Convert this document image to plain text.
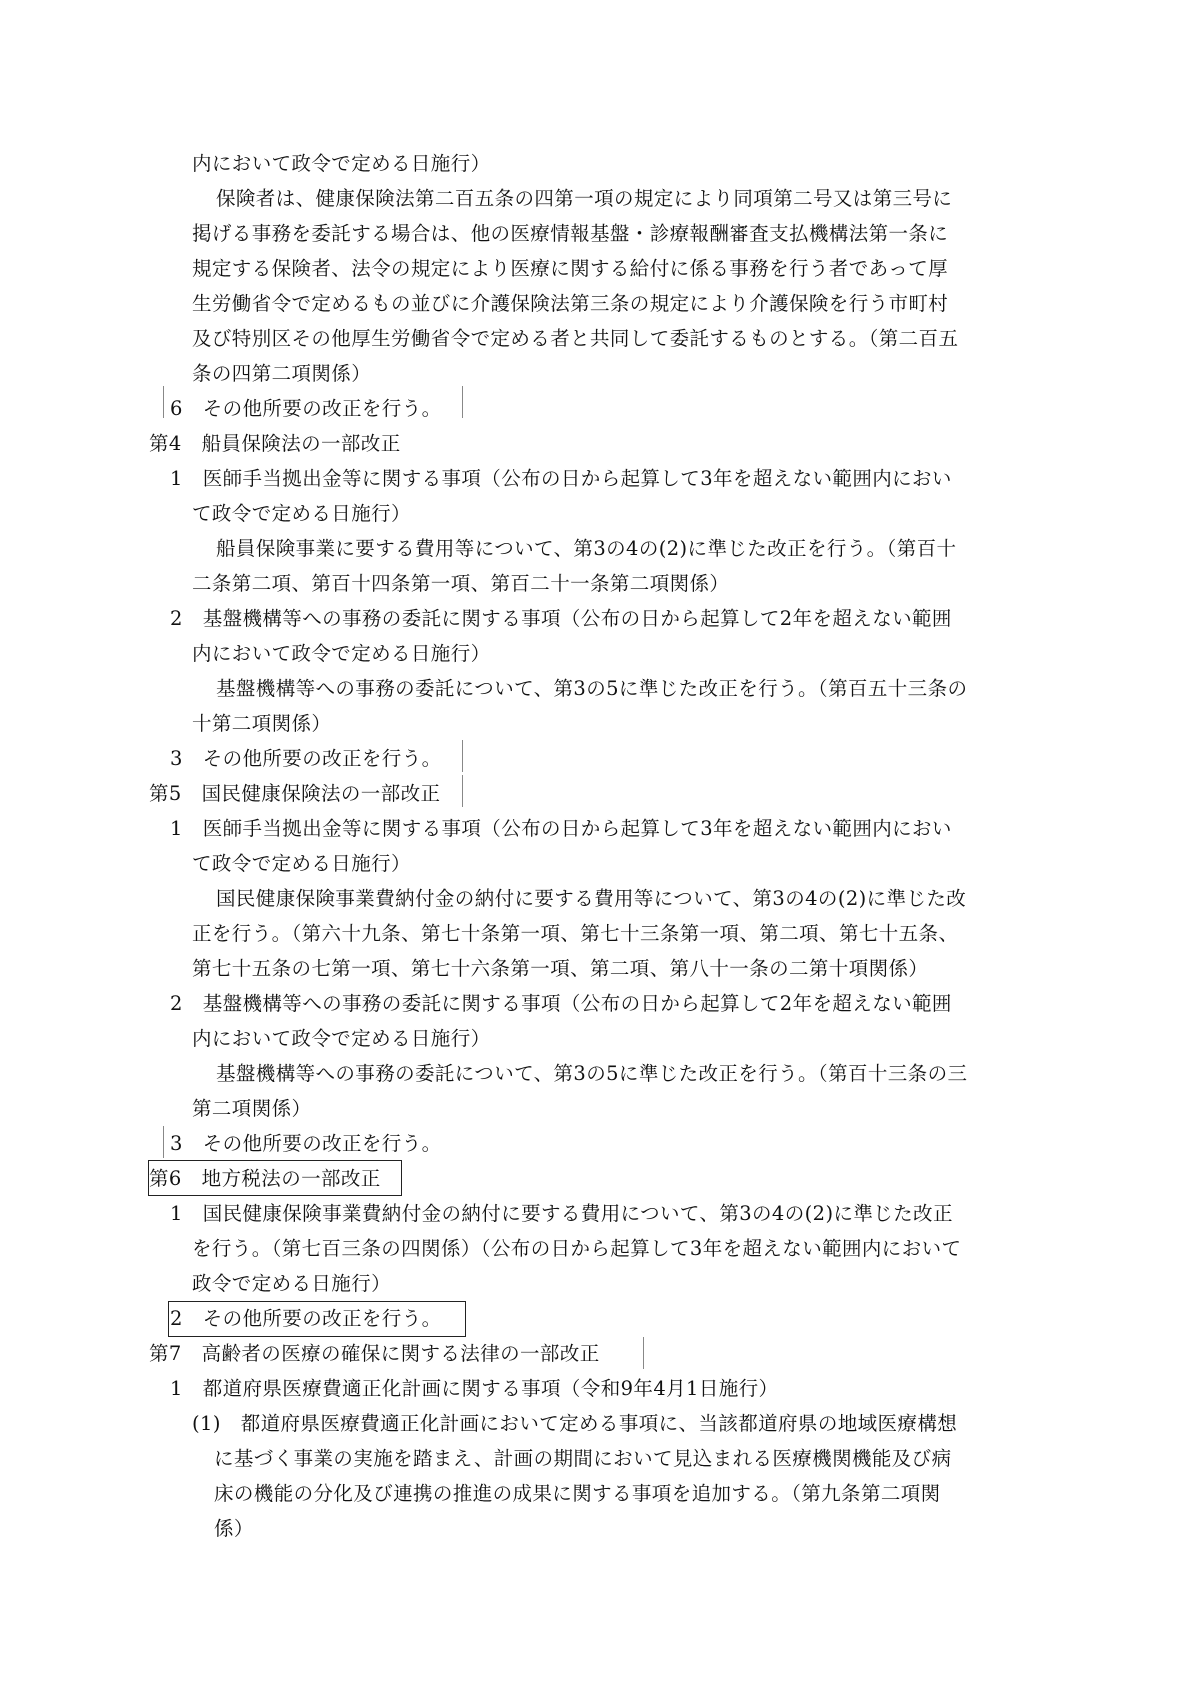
内において政令で定める日施行）
保険者は、健康保険法第二百五条の四第一項の規定により同項第二号又は第三号に
掲げる事務を委託する場合は、他の医療情報基盤・診療報酬審査支払機構法第一条に
規定する保険者、法令の規定により医療に関する給付に係る事務を行う者であって厚
生労働省令で定めるもの並びに介護保険法第三条の規定により介護保険を行う市町村
及び特別区その他厚生労働省令で定める者と共同して委託するものとする。（第二百五
条の四第二項関係）
6　その他所要の改正を行う。
第4　船員保険法の一部改正
1　医師手当拠出金等に関する事項（公布の日から起算して3年を超えない範囲内におい
て政令で定める日施行）
船員保険事業に要する費用等について、第3の4の(2)に準じた改正を行う。（第百十
二条第二項、第百十四条第一項、第百二十一条第二項関係）
2　基盤機構等への事務の委託に関する事項（公布の日から起算して2年を超えない範囲
内において政令で定める日施行）
基盤機構等への事務の委託について、第3の5に準じた改正を行う。（第百五十三条の
十第二項関係）
3　その他所要の改正を行う。
第5　国民健康保険法の一部改正
1　医師手当拠出金等に関する事項（公布の日から起算して3年を超えない範囲内におい
て政令で定める日施行）
国民健康保険事業費納付金の納付に要する費用等について、第3の4の(2)に準じた改
正を行う。（第六十九条、第七十条第一項、第七十三条第一項、第二項、第七十五条、
第七十五条の七第一項、第七十六条第一項、第二項、第八十一条の二第十項関係）
2　基盤機構等への事務の委託に関する事項（公布の日から起算して2年を超えない範囲
内において政令で定める日施行）
基盤機構等への事務の委託について、第3の5に準じた改正を行う。（第百十三条の三
第二項関係）
3　その他所要の改正を行う。
第6　地方税法の一部改正
1　国民健康保険事業費納付金の納付に要する費用について、第3の4の(2)に準じた改正
を行う。（第七百三条の四関係）（公布の日から起算して3年を超えない範囲内において
政令で定める日施行）
2　その他所要の改正を行う。
第7　高齢者の医療の確保に関する法律の一部改正
1　都道府県医療費適正化計画に関する事項（令和9年4月1日施行）
(1)　都道府県医療費適正化計画において定める事項に、当該都道府県の地域医療構想
に基づく事業の実施を踏まえ、計画の期間において見込まれる医療機関機能及び病
床の機能の分化及び連携の推進の成果に関する事項を追加する。（第九条第二項関
係）
